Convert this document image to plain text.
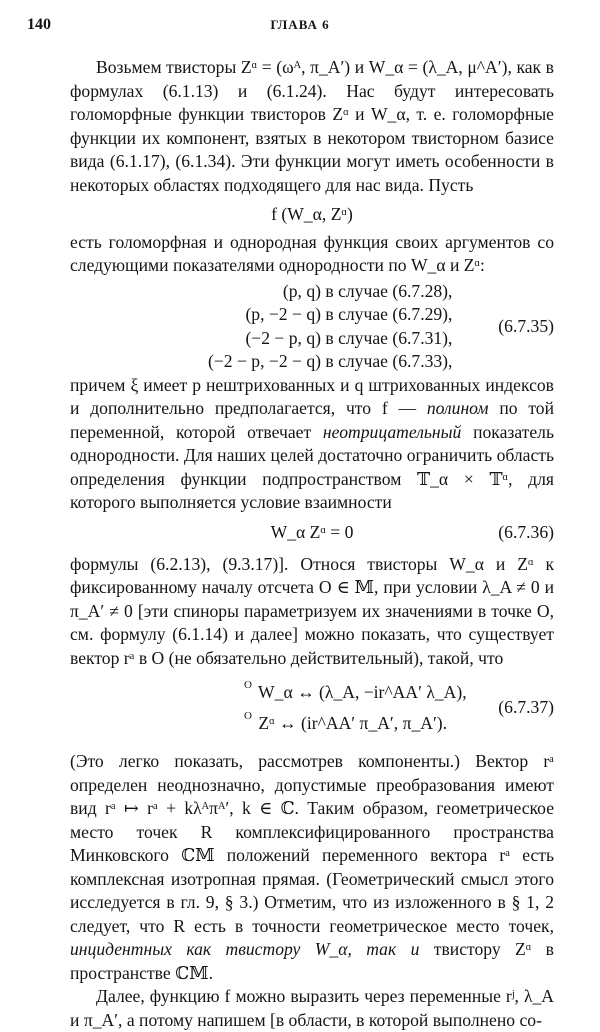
140	ГЛАВА 6

Возьмем твисторы Zᵅ = (ωᴬ, π_A′) и W_α = (λ_A, μ^A′), как в формулах (6.1.13) и (6.1.24). Нас будут интересовать голоморфные функции твисторов Zᵅ и W_α, т. е. голоморфные функции их компонент, взятых в некотором твисторном базисе вида (6.1.17), (6.1.34). Эти функции могут иметь особенности в некоторых областях подходящего для нас вида. Пусть

f (W_α, Zᵅ)

есть голоморфная и однородная функция своих аргументов со следующими показателями однородности по W_α и Zᵅ:

(p, q) в случае (6.7.28),
(p, −2 − q) в случае (6.7.29),
(−2 − p, q) в случае (6.7.31),
(−2 − p, −2 − q) в случае (6.7.33),
(6.7.35)

причем ξ имеет p нештрихованных и q штрихованных индексов и дополнительно предполагается, что f — полином по той переменной, которой отвечает неотрицательный показатель однородности. Для наших целей достаточно ограничить область определения функции подпространством 𝕋_α × 𝕋ᵅ, для которого выполняется условие взаимности

W_α Zᵅ = 0	(6.7.36)

формулы (6.2.13), (9.3.17)]. Относя твисторы W_α и Zᵅ к фиксированному началу отсчета O ∈ 𝕄, при условии λ_A ≠ 0 и π_A′ ≠ 0 [эти спиноры параметризуем их значениями в точке O, см. формулу (6.1.14) и далее] можно показать, что существует вектор rᵃ в O (не обязательно действительный), такой, что

O W_α ↔ (λ_A, −ir^AA′ λ_A),
O Zᵅ ↔ (ir^AA′ π_A′, π_A′).
(6.7.37)

(Это легко показать, рассмотрев компоненты.) Вектор rᵃ определен неоднозначно, допустимые преобразования имеют вид rᵃ ↦ rᵃ + kλᴬπᴬ′, k ∈ ℂ. Таким образом, геометрическое место точек R комплексифицированного пространства Минковского ℂ𝕄 положений переменного вектора rᵃ есть комплексная изотропная прямая. (Геометрический смысл этого исследуется в гл. 9, § 3.) Отметим, что из изложенного в § 1, 2 следует, что R есть в точности геометрическое место точек, инцидентных как твистору W_α, так и твистору Zᵅ в пространстве ℂ𝕄.

Далее, функцию f можно выразить через переменные rʲ, λ_A и π_A′, а потому напишем [в области, в которой выполнено со-
